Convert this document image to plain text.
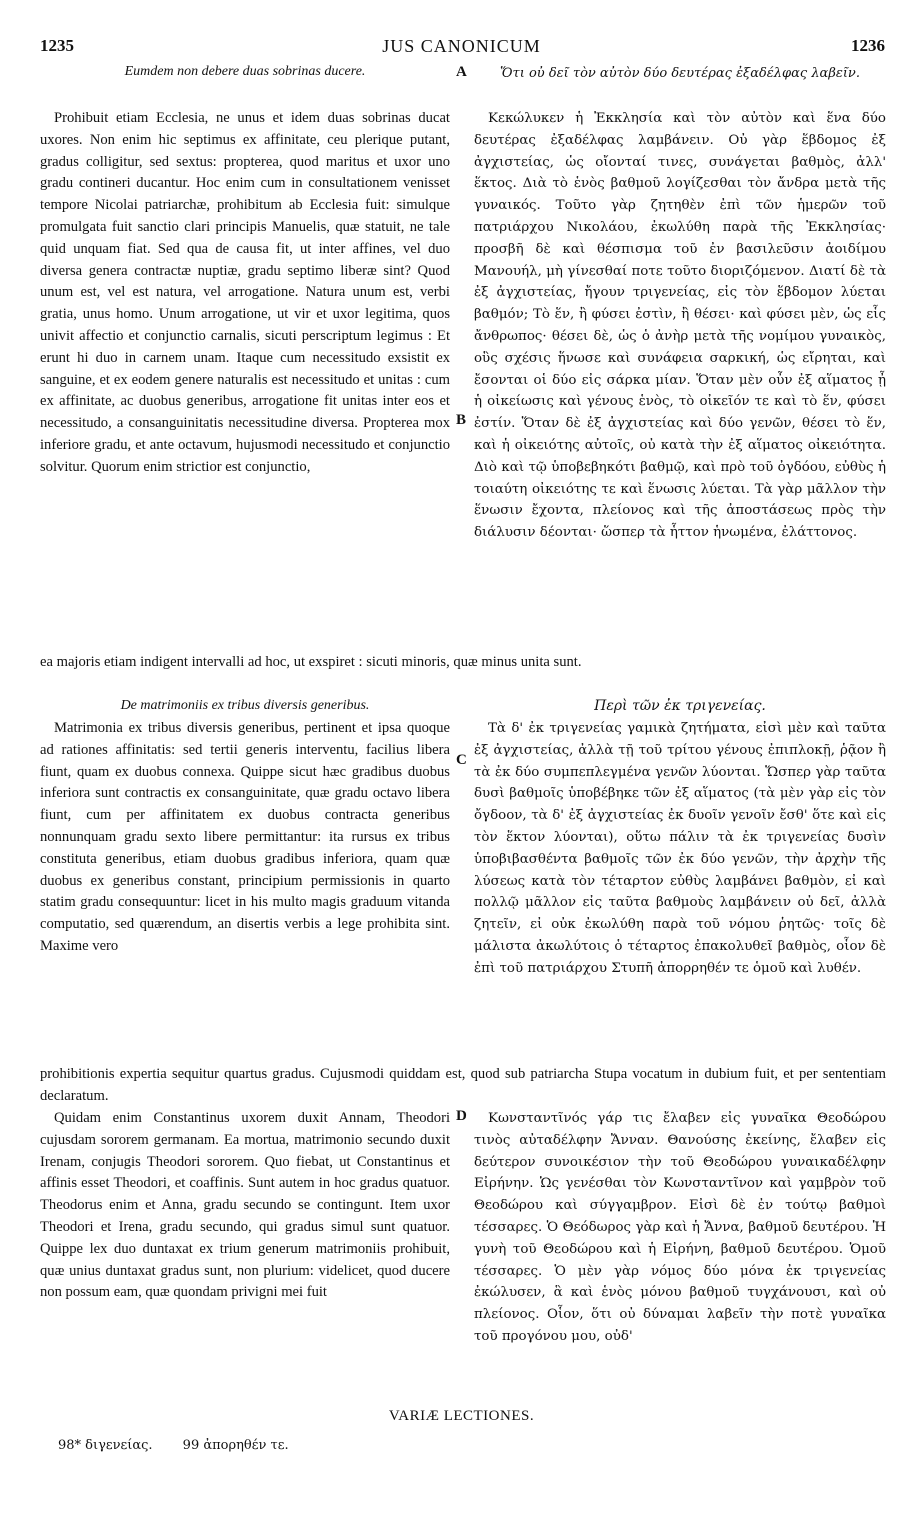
1235	JUS CANONICUM	1236
Eumdem non debere duas sobrinas ducere.	A	Ὅτι οὐ δεῖ τὸν αὐτὸν δύο δευτέρας ἐξαδέλφας λαβεῖν.

Prohibuit etiam Ecclesia, ne unus et idem duas sobrinas ducat uxores. Non enim hic septimus ex affinitate, ceu plerique putant, gradus colligitur, sed sextus: propterea, quod maritus et uxor uno gradu contineri ducantur. Hoc enim cum in consultationem venisset tempore Nicolai patriarchæ, prohibitum ab Ecclesia fuit: simulque promulgata fuit sanctio clari principis Manuelis, quæ statuit, ne tale quid unquam fiat. Sed qua de causa fit, ut inter affines, vel duo diversa genera contractæ nuptiæ, gradu septimo liberæ sint? Quod unum est, vel est natura, vel arrogatione. Natura unum est, verbi gratia, unus homo. Unum arrogatione, ut vir et uxor legitima, quos univit affectio et conjunctio carnalis, sicuti perscriptum legimus : Et erunt hi duo in carnem unam. Itaque cum necessitudo exsistit ex sanguine, et ex eodem genere naturalis est necessitudo et unitas : cum ex affinitate, ac duobus generibus, arrogatione fit unitas inter eos et necessitudo, a consanguinitatis necessitudine diversa. Propterea mox inferiore gradu, et ante octavum, hujusmodi necessitudo et conjunctio solvitur. Quorum enim strictior est conjunctio,

B

Κεκώλυκεν ἡ Ἐκκλησία καὶ τὸν αὐτὸν καὶ ἕνα δύο δευτέρας ἐξαδέλφας λαμβάνειν. Οὐ γὰρ ἕβδομος ἐξ ἀγχιστείας, ὡς οἴονταί τινες, συνάγεται βαθμὸς, ἀλλ' ἕκτος. Διὰ τὸ ἑνὸς βαθμοῦ λογίζεσθαι τὸν ἄνδρα μετὰ τῆς γυναικός. Τοῦτο γὰρ ζητηθὲν ἐπὶ τῶν ἡμερῶν τοῦ πατριάρχου Νικολάου, ἐκωλύθη παρὰ τῆς Ἐκκλησίας· προσβῆ δὲ καὶ θέσπισμα τοῦ ἐν βασιλεῦσιν ἀοιδίμου Μανουήλ, μὴ γίνεσθαί ποτε τοῦτο διοριζόμενον. Διατί δὲ τὰ ἐξ ἀγχιστείας, ἤγουν τριγενείας, εἰς τὸν ἕβδομον λύεται βαθμόν; Τὸ ἕν, ἢ φύσει ἐστὶν, ἢ θέσει· καὶ φύσει μὲν, ὡς εἷς ἄνθρωπος· θέσει δὲ, ὡς ὁ ἀνὴρ μετὰ τῆς νομίμου γυναικὸς, οὓς σχέσις ἥνωσε καὶ συνάφεια σαρκική, ὡς εἴρηται, καὶ ἔσονται οἱ δύο εἰς σάρκα μίαν. Ὅταν μὲν οὖν ἐξ αἵματος ᾖ ἡ οἰκείωσις καὶ γένους ἑνὸς, τὸ οἰκεῖόν τε καὶ τὸ ἕν, φύσει ἐστίν. Ὅταν δὲ ἐξ ἀγχιστείας καὶ δύο γενῶν, θέσει τὸ ἕν, καὶ ἡ οἰκειότης αὐτοῖς, οὐ κατὰ τὴν ἐξ αἵματος οἰκειότητα. Διὸ καὶ τῷ ὑποβεβηκότι βαθμῷ, καὶ πρὸ τοῦ ὀγδόου, εὐθὺς ἡ τοιαύτη οἰκειότης τε καὶ ἕνωσις λύεται. Τὰ γὰρ μᾶλλον τὴν ἕνωσιν ἔχοντα, πλείονος καὶ τῆς ἀποστάσεως πρὸς τὴν διάλυσιν δέονται· ὥσπερ τὰ ἧττον ἡνωμένα, ἐλάττονος.

ea majoris etiam indigent intervalli ad hoc, ut exspiret : sicuti minoris, quæ minus unita sunt.
De matrimoniis ex tribus diversis generibus.	Περὶ τῶν ἐκ τριγενείας.

Matrimonia ex tribus diversis generibus, pertinent et ipsa quoque ad rationes affinitatis: sed tertii generis interventu, facilius libera fiunt, quam ex duobus connexa. Quippe sicut hæc gradibus duobus inferiora sunt contractis ex consanguinitate, quæ gradu octavo libera fiunt, cum per affinitatem ex duobus contracta generibus nonnunquam gradu sexto libere permittantur: ita rursus ex tribus constituta generibus, etiam duobus gradibus inferiora, quam quæ duobus ex generibus constant, principium permissionis in quarto statim gradu consequuntur: licet in his multo magis graduum vitanda computatio, sed quærendum, an disertis verbis a lege prohibita sint. Maxime vero

C

Τὰ δ' ἐκ τριγενείας γαμικὰ ζητήματα, εἰσὶ μὲν καὶ ταῦτα ἐξ ἀγχιστείας, ἀλλὰ τῇ τοῦ τρίτου γένους ἐπιπλοκῇ, ῥᾷον ἢ τὰ ἐκ δύο συμπεπλεγμένα γενῶν λύονται. Ὥσπερ γὰρ ταῦτα δυσὶ βαθμοῖς ὑποβέβηκε τῶν ἐξ αἵματος (τὰ μὲν γὰρ εἰς τὸν ὄγδοον, τὰ δ' ἐξ ἀγχιστείας ἐκ δυοῖν γενοῖν ἔσθ' ὅτε καὶ εἰς τὸν ἕκτον λύονται), οὕτω πάλιν τὰ ἐκ τριγενείας δυσὶν ὑποβιβασθέντα βαθμοῖς τῶν ἐκ δύο γενῶν, τὴν ἀρχὴν τῆς λύσεως κατὰ τὸν τέταρτον εὐθὺς λαμβάνει βαθμὸν, εἰ καὶ πολλῷ μᾶλλον εἰς ταῦτα βαθμοὺς λαμβάνειν οὐ δεῖ, ἀλλὰ ζητεῖν, εἰ οὐκ ἐκωλύθη παρὰ τοῦ νόμου ῥητῶς· τοῖς δὲ μάλιστα ἀκωλύτοις ὁ τέταρτος ἐπακολυθεῖ βαθμὸς, οἷον δὲ ἐπὶ τοῦ πατριάρχου Στυπῆ ἀπορρηθέν τε ὁμοῦ καὶ λυθέν.

prohibitionis expertia sequitur quartus gradus. Cujusmodi quiddam est, quod sub patriarcha Stupa vocatum in dubium fuit, et per sententiam declaratum.

Quidam enim Constantinus uxorem duxit Annam, Theodori cujusdam sororem germanam. Ea mortua, matrimonio secundo duxit Irenam, conjugis Theodori sororem. Quo fiebat, ut Constantinus et affinis esset Theodori, et coaffinis. Sunt autem in hoc gradus quatuor. Theodorus enim et Anna, gradu secundo se contingunt. Item uxor Theodori et Irena, gradu secundo, qui gradus simul sunt quatuor. Quippe lex duo duntaxat ex trium generum matrimoniis prohibuit, quæ unius duntaxat gradus sunt, non plurium: videlicet, quod ducere non possum eam, quæ quondam privigni mei fuit

D	Κωνσταντῖνός γάρ τις ἔλαβεν εἰς γυναῖκα Θεοδώρου τινὸς αὐταδέλφην Ἄνναν. Θανούσης ἐκείνης, ἔλαβεν εἰς δεύτερον συνοικέσιον τὴν τοῦ Θεοδώρου γυναικαδέλφην Εἰρήνην. Ὡς γενέσθαι τὸν Κωνσταντῖνον καὶ γαμβρὸν τοῦ Θεοδώρου καὶ σύγγαμβρον. Εἰσὶ δὲ ἐν τούτῳ βαθμοὶ τέσσαρες. Ὁ Θεόδωρος γὰρ καὶ ἡ Ἄννα, βαθμοῦ δευτέρου. Ἡ γυνὴ τοῦ Θεοδώρου καὶ ἡ Εἰρήνη, βαθμοῦ δευτέρου. Ὁμοῦ τέσσαρες. Ὁ μὲν γὰρ νόμος δύο μόνα ἐκ τριγενείας ἐκώλυσεν, ἃ καὶ ἑνὸς μόνου βαθμοῦ τυγχάνουσι, καὶ οὐ πλείονος. Οἷον, ὅτι οὐ δύναμαι λαβεῖν τὴν ποτὲ γυναῖκα τοῦ προγόνου μου, οὐδ'

VARIÆ LECTIONES.
98* διγενείας. 99 ἀπορηθέν τε.
